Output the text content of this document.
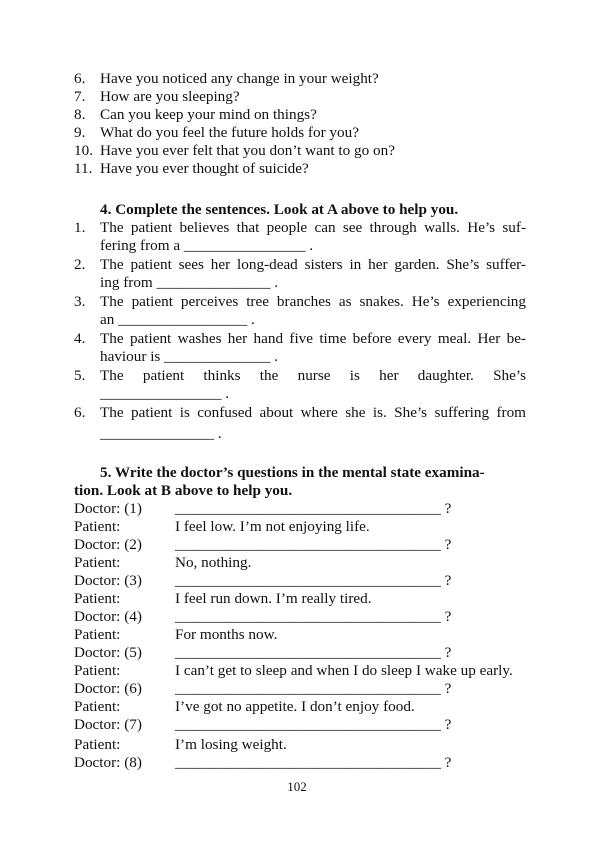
6. Have you noticed any change in your weight?
7. How are you sleeping?
8. Can you keep your mind on things?
9. What do you feel the future holds for you?
10. Have you ever felt that you don’t want to go on?
11. Have you ever thought of suicide?
4. Complete the sentences. Look at A above to help you.
1. The patient believes that people can see through walls. He’s suf-
fering from a ________________ .
2. The patient sees her long-dead sisters in her garden. She’s suffer-
ing from _______________ .
3. The patient perceives tree branches as snakes. He’s experiencing
an _________________ .
4. The patient washes her hand five time before every meal. Her be-
haviour is ______________ .
5. The patient thinks the nurse is her daughter. She’s
________________ .
6. The patient is confused about where she is. She’s suffering from
_______________ .
5. Write the doctor’s questions in the mental state examina-
tion. Look at B above to help you.
Doctor: (1) ___________________________________ ?
Patient:	I feel low. I’m not enjoying life.
Doctor: (2) ___________________________________ ?
Patient:	No, nothing.
Doctor: (3) ___________________________________ ?
Patient:	I feel run down. I’m really tired.
Doctor: (4) ___________________________________ ?
Patient:	For months now.
Doctor: (5) ___________________________________ ?
Patient:	I can’t get to sleep and when I do sleep I wake up early.
Doctor: (6) ___________________________________ ?
Patient:	I’ve got no appetite. I don’t enjoy food.
Doctor: (7) ___________________________________ ?
Patient:	I’m losing weight.
Doctor: (8) ___________________________________ ?
102
